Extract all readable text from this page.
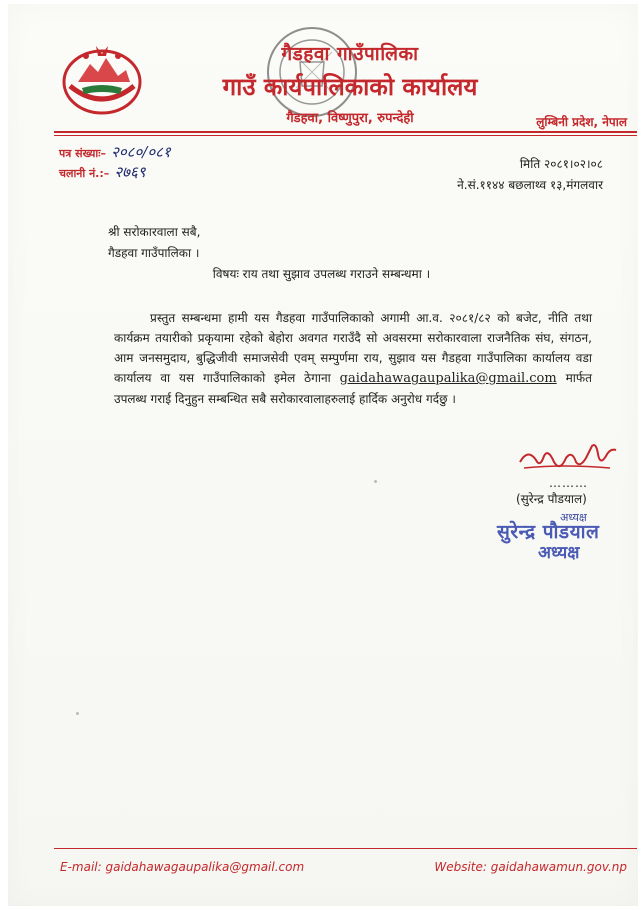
गैडहवा गाउँपालिका
गाउँ कार्यपालिकाको कार्यालय
गैडहवा, विष्णुपुरा, रुपन्देही	लुम्बिनी प्रदेश, नेपाल
पत्र संख्याः– २०८०/०८१
चलानी नं.:– २७६९	मिति २०८१।०२।०८
ने.सं.११४४ बछलाथ्व १३,मंगलवार
श्री सरोकारवाला सबै,
गैडहवा गाउँपालिका ।
विषयः राय तथा सुझाव उपलब्ध गराउने सम्बन्धमा ।
प्रस्तुत सम्बन्धमा हामी यस गैडहवा गाउँपालिकाको अगामी आ.व. २०८१/८२ को बजेट, नीति तथा कार्यक्रम तयारीको प्रकृयामा रहेको बेहोरा अवगत गराउँदै सो अवसरमा सरोकारवाला राजनैतिक संघ, संगठन, आम जनसमुदाय, बुद्धिजीवी समाजसेवी एवम् सम्पुर्णमा राय, सुझाव यस गैडहवा गाउँपालिका कार्यालय वडा कार्यालय वा यस गाउँपालिकाको इमेल ठेगाना gaidahawagaupalika@gmail.com मार्फत उपलब्ध गराई दिनुहुन सम्बन्धित सबै सरोकारवालाहरुलाई हार्दिक अनुरोध गर्दछु ।
………
(सुरेन्द्र पौडयाल)
अध्यक्ष
सुरेन्द्र पौडयाल
अध्यक्ष
E-mail: gaidahawagaupalika@gmail.com	Website: gaidahawamun.gov.np
